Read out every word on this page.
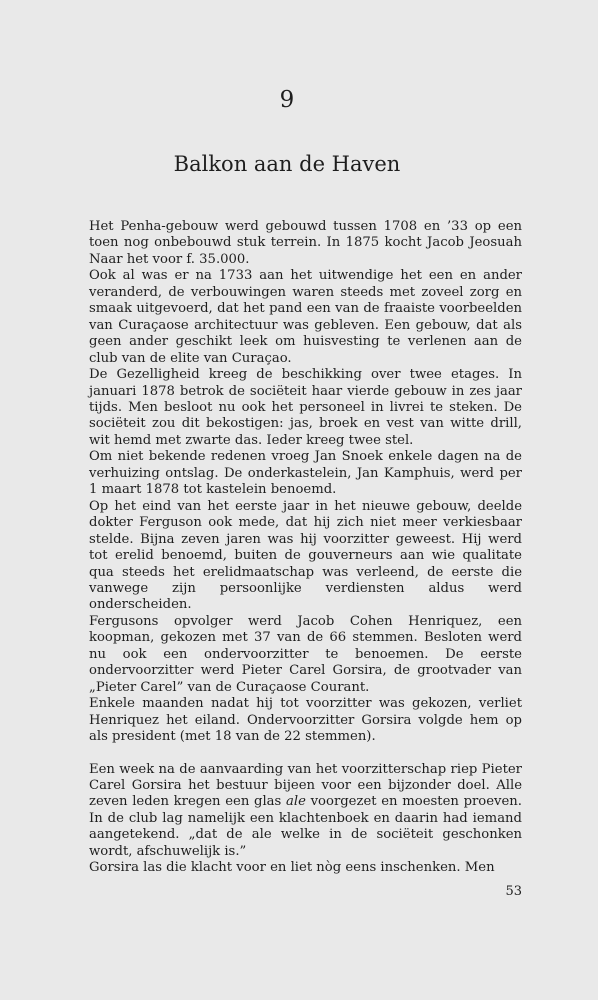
9
Balkon aan de Haven

Het Penha-gebouw werd gebouwd tussen 1708 en ’33 op een toen nog onbebouwd stuk terrein. In 1875 kocht Jacob Jeosuah Naar het voor f. 35.000.

Ook al was er na 1733 aan het uitwendige het een en ander veranderd, de verbouwingen waren steeds met zoveel zorg en smaak uitgevoerd, dat het pand een van de fraaiste voorbeelden van Curaçaose architectuur was gebleven. Een gebouw, dat als geen ander geschikt leek om huisvesting te verlenen aan de club van de elite van Curaçao.

De Gezelligheid kreeg de beschikking over twee etages. In januari 1878 betrok de sociëteit haar vierde gebouw in zes jaar tijds. Men besloot nu ook het personeel in livrei te steken. De sociëteit zou dit bekostigen: jas, broek en vest van witte drill, wit hemd met zwarte das. Ieder kreeg twee stel.

Om niet bekende redenen vroeg Jan Snoek enkele dagen na de verhuizing ontslag. De onderkastelein, Jan Kamphuis, werd per 1 maart 1878 tot kastelein benoemd.

Op het eind van het eerste jaar in het nieuwe gebouw, deelde dokter Ferguson ook mede, dat hij zich niet meer verkiesbaar stelde. Bijna zeven jaren was hij voorzitter geweest. Hij werd tot erelid benoemd, buiten de gouverneurs aan wie qualitate qua steeds het erelidmaatschap was verleend, de eerste die vanwege zijn persoonlijke verdiensten aldus werd onderscheiden.

Fergusons opvolger werd Jacob Cohen Henriquez, een koopman, gekozen met 37 van de 66 stemmen. Besloten werd nu ook een ondervoorzitter te benoemen. De eerste ondervoorzitter werd Pieter Carel Gorsira, de grootvader van „Pieter Carel” van de Curaçaose Courant.

Enkele maanden nadat hij tot voorzitter was gekozen, verliet Henriquez het eiland. Ondervoorzitter Gorsira volgde hem op als president (met 18 van de 22 stemmen).

Een week na de aanvaarding van het voorzitterschap riep Pieter Carel Gorsira het bestuur bijeen voor een bijzonder doel. Alle zeven leden kregen een glas ale voorgezet en moesten proeven. In de club lag namelijk een klachtenboek en daarin had iemand aangetekend. „dat de ale welke in de sociëteit geschonken wordt, afschuwelijk is.”

Gorsira las die klacht voor en liet nòg eens inschenken. Men

53
